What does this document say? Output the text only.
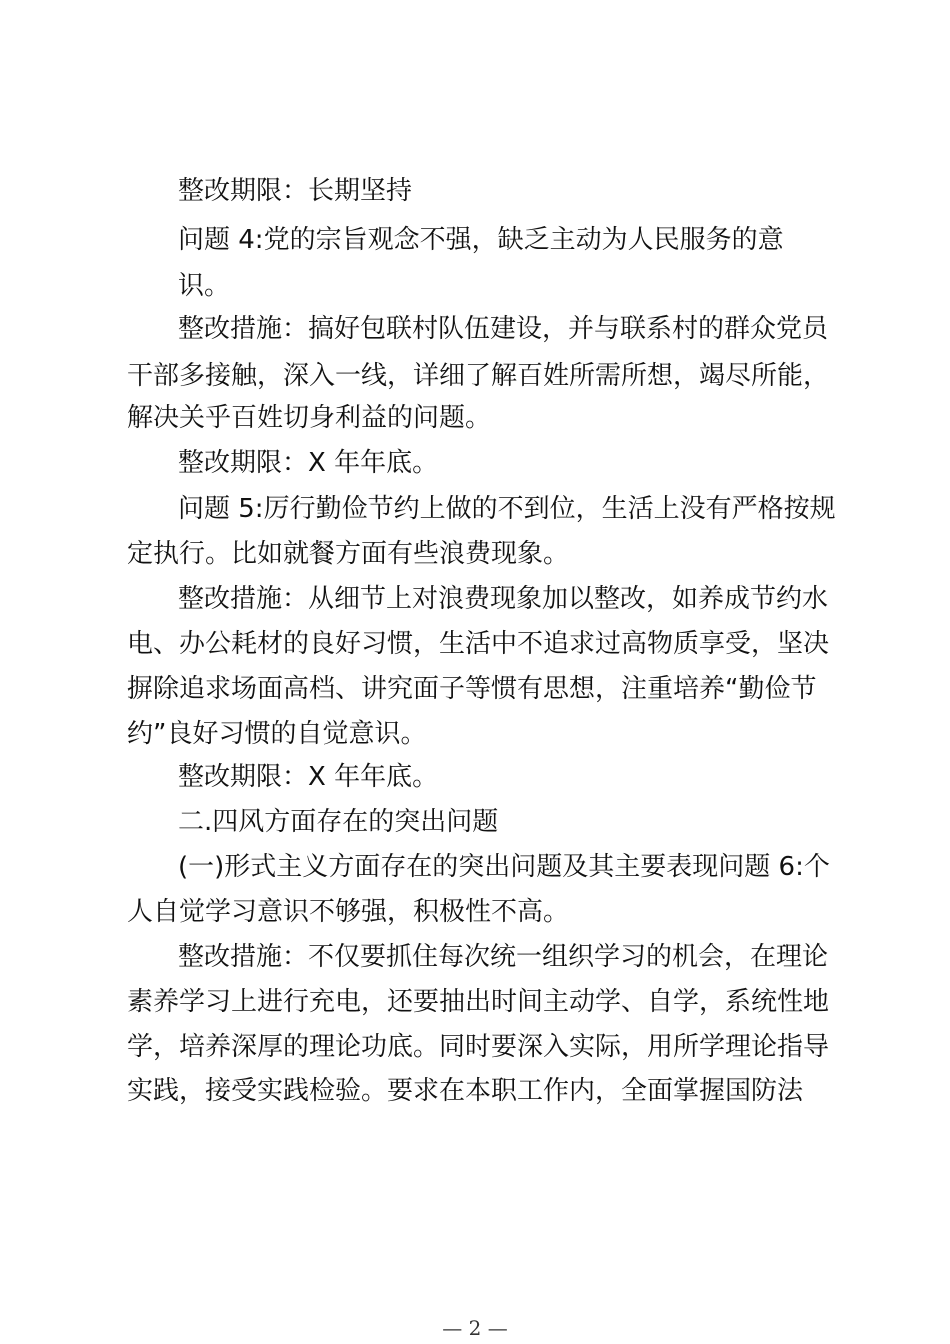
整改期限：长期坚持
问题 4:党的宗旨观念不强，缺乏主动为人民服务的意
识。
整改措施：搞好包联村队伍建设，并与联系村的群众党员
干部多接触，深入一线，详细了解百姓所需所想，竭尽所能，
解决关乎百姓切身利益的问题。
整改期限：X 年年底。
问题 5:厉行勤俭节约上做的不到位，生活上没有严格按规
定执行。比如就餐方面有些浪费现象。
整改措施：从细节上对浪费现象加以整改，如养成节约水
电、办公耗材的良好习惯，生活中不追求过高物质享受，坚决
摒除追求场面高档、讲究面子等惯有思想，注重培养“勤俭节
约”良好习惯的自觉意识。
整改期限：X 年年底。
二.四风方面存在的突出问题
(一)形式主义方面存在的突出问题及其主要表现问题 6:个
人自觉学习意识不够强，积极性不高。
整改措施：不仅要抓住每次统一组织学习的机会，在理论
素养学习上进行充电，还要抽出时间主动学、自学，系统性地
学，培养深厚的理论功底。同时要深入实际，用所学理论指导
实践，接受实践检验。要求在本职工作内，全面掌握国防法
— 2 —
